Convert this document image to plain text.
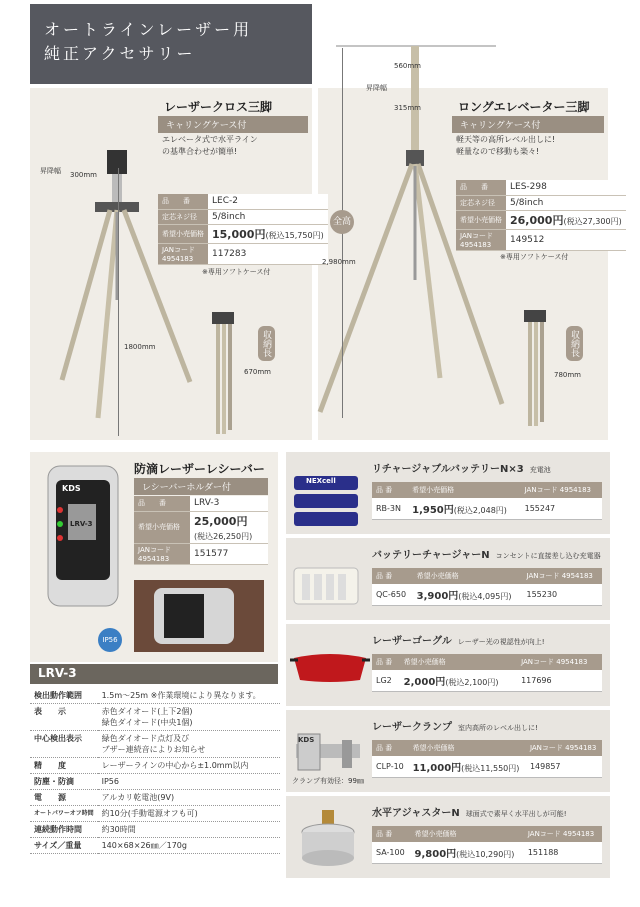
オートラインレーザー用
純正アクセサリー
レーザークロス三脚
キャリングケース付
エレベータ式で水平ライン
の基準合わせが簡単!
昇降幅 300mm
1800mm
670mm
収納長
品　　番	LEC-2
定芯ネジ径	5/8inch
希望小売価格	15,000円(税込15,750円)

JANコード
4954183	117283
※専用ソフトケース付
ロングエレベーター三脚
キャリングケース付
軽天等の高所レベル出しに!
軽量なので移動も楽々!
560mm
昇降幅
315mm
全高
2,980mm
780mm
収納長
品　　番	LES-298
定芯ネジ径	5/8inch
希望小売価格	26,000円(税込27,300円)

JANコード
4954183	149512
※専用ソフトケース付
KDS
LRV-3
IP56
防滴レーザーレシーバー
レシーバーホルダー付
品　　番	LRV-3
希望小売価格	25,000円
(税込26,250円)

JANコード
4954183	151577
LRV-3
検出動作範囲	1.5m〜25m ※作業環境により異なります。
表　　示	赤色ダイオード(上下2個)
緑色ダイオード(中央1個)

中心検出表示	緑色ダイオード点灯及び
ブザー連続音によりお知らせ

精　　度	レーザーラインの中心から±1.0mm以内
防塵・防滴	IP56
電　　源	アルカリ乾電池(9V)
オートパワーオフ時間	約10分(手動電源オフも可)
連続動作時間	約30時間
サイズ／重量	140×68×26㎜／170g
NEXcell
リチャージャブルバッテリーN×3 充電池
品 番	希望小売価格	JANコード 4954183
RB-3N	1,950円(税込2,048円)	155247
バッテリーチャージャーN コンセントに直接差し込む充電器
品 番	希望小売価格	JANコード 4954183
QC-650	3,900円(税込4,095円)	155230
レーザーゴーグル レーザー光の視認性が向上!
品 番	希望小売価格	JANコード 4954183
LG2	2,000円(税込2,100円)	117696
KDS
クランプ有効径：99㎜
レーザークランプ 室内高所のレベル出しに!
品 番	希望小売価格	JANコード 4954183
CLP-10	11,000円(税込11,550円)	149857
水平アジャスターN 球面式で素早く水平出しが可能!
品 番	希望小売価格	JANコード 4954183
SA-100	9,800円(税込10,290円)	151188
